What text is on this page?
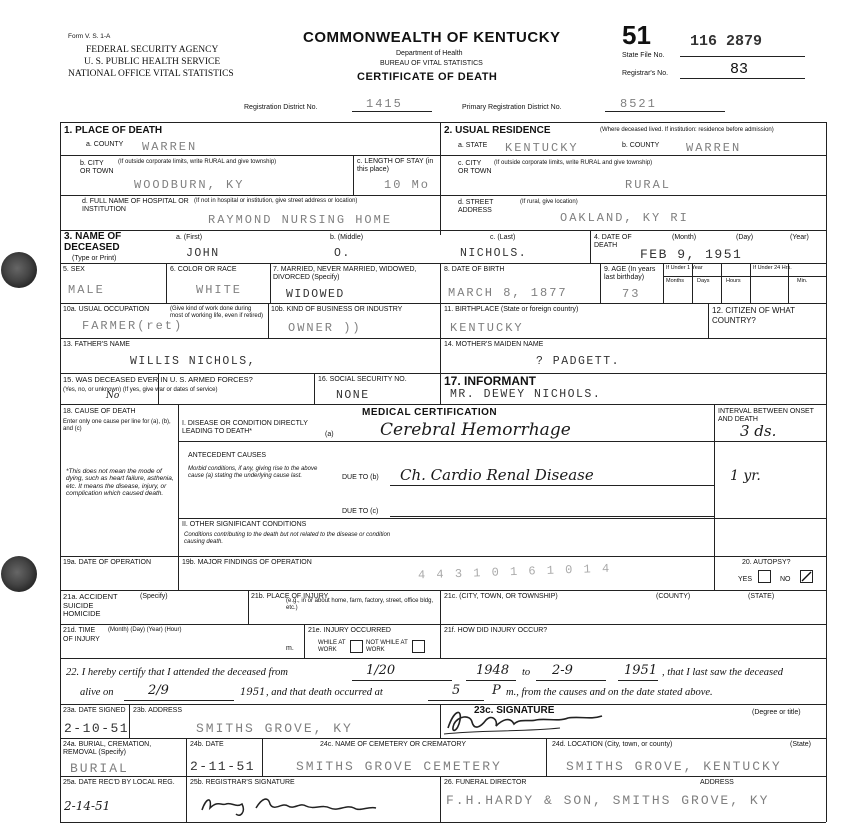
Form V. S. 1-A
FEDERAL SECURITY AGENCY
U. S. PUBLIC HEALTH SERVICE
NATIONAL OFFICE VITAL STATISTICS
COMMONWEALTH OF KENTUCKY
Department of Health
BUREAU OF VITAL STATISTICS
CERTIFICATE OF DEATH
51
State File No.
116 2879
Registrar's No.	83
Registration District No.	1415	Primary Registration District No.	8521
1. PLACE OF DEATH
a. COUNTY WARREN
b. CITY OR TOWN
(If outside corporate limits, write RURAL and give township)
WOODBURN, KY
c. LENGTH OF STAY (in this place)
10 Mo
d. FULL NAME OF HOSPITAL OR INSTITUTION
(If not in hospital or institution, give street address or location)
RAYMOND NURSING HOME
2. USUAL RESIDENCE	(Where deceased lived. If institution: residence before admission)
a. STATE KENTUCKY	b. COUNTY WARREN
c. CITY OR TOWN
(If outside corporate limits, write RURAL and give township)
RURAL
d. STREET ADDRESS
(If rural, give location)
OAKLAND, KY RI
3. NAME OF DECEASED
(Type or Print)
a. (First)	b. (Middle)	c. (Last)
JOHN	O.	NICHOLS.
4. DATE OF DEATH
(Month)	(Day)	(Year)
FEB 9, 1951
5. SEX
MALE
6. COLOR OR RACE
WHITE
7. MARRIED, NEVER MARRIED, WIDOWED, DIVORCED (Specify)
WIDOWED
8. DATE OF BIRTH
MARCH 8, 1877
9. AGE (In years last birthday)
73
If Under 1 Year	If Under 24 Hrs.
Months Days	Hours	Min.
10a. USUAL OCCUPATION	(Give kind of work done during most of working life, even if retired)
FARMER(ret)
10b. KIND OF BUSINESS OR INDUSTRY
OWNER ))
11. BIRTHPLACE (State or foreign country)
KENTUCKY
12. CITIZEN OF WHAT COUNTRY?
13. FATHER'S NAME
WILLIS NICHOLS,
14. MOTHER'S MAIDEN NAME
? PADGETT.
15. WAS DECEASED EVER IN U. S. ARMED FORCES?
(Yes, no, or unknown) (If yes, give war or dates of service)
No
16. SOCIAL SECURITY NO.
NONE
17. INFORMANT
MR. DEWEY NICHOLS.
18. CAUSE OF DEATH
Enter only one cause per line for (a), (b), and (c)
MEDICAL CERTIFICATION	INTERVAL BETWEEN ONSET AND DEATH
I. DISEASE OR CONDITION DIRECTLY LEADING TO DEATH*	(a)	Cerebral Hemorrhage	3 ds.
ANTECEDENT CAUSES
Morbid conditions, if any, giving rise to the above cause (a) stating the underlying cause last.	DUE TO (b) Ch. Cardio Renal Disease	1 yr.
DUE TO (c)
*This does not mean the mode of dying, such as heart failure, asthenia, etc. It means the disease, injury, or complication which caused death.
II. OTHER SIGNIFICANT CONDITIONS
Conditions contributing to the death but not related to the disease or condition causing death.
19a. DATE OF OPERATION	19b. MAJOR FINDINGS OF OPERATION	4 4 3 1 0 1 6 1 0 1 4	20. AUTOPSY?
YES	NO
21a. ACCIDENT SUICIDE HOMICIDE
(Specify)	21b. PLACE OF INJURY
(e.g., in or about home, farm, factory, street, office bldg, etc.)
21c. (CITY, TOWN, OR TOWNSHIP)	(COUNTY)	(STATE)
21d. TIME OF INJURY
(Month) (Day) (Year) (Hour)
m.
21e. INJURY OCCURRED
WHILE AT WORK
NOT WHILE AT WORK
21f. HOW DID INJURY OCCUR?
22. I hereby certify that I attended the deceased from	1/20	1948 to 2-9	1951 , that I last saw the deceased
alive on	2/9	1951 , and that death occurred at	5 P m., from the causes and on the date stated above.
23a. DATE SIGNED
2-10-51
23b. ADDRESS
SMITHS GROVE, KY
23c. SIGNATURE	(Degree or title)
24a. BURIAL, CREMATION, REMOVAL (Specify)
BURIAL
24b. DATE
2-11-51
24c. NAME OF CEMETERY OR CREMATORY
SMITHS GROVE CEMETERY
24d. LOCATION (City, town, or county)	(State)
SMITHS GROVE, KENTUCKY
25a. DATE REC'D BY LOCAL REG.
2-14-51
25b. REGISTRAR'S SIGNATURE	26. FUNERAL DIRECTOR	ADDRESS
F.H.HARDY & SON, SMITHS GROVE, KY
